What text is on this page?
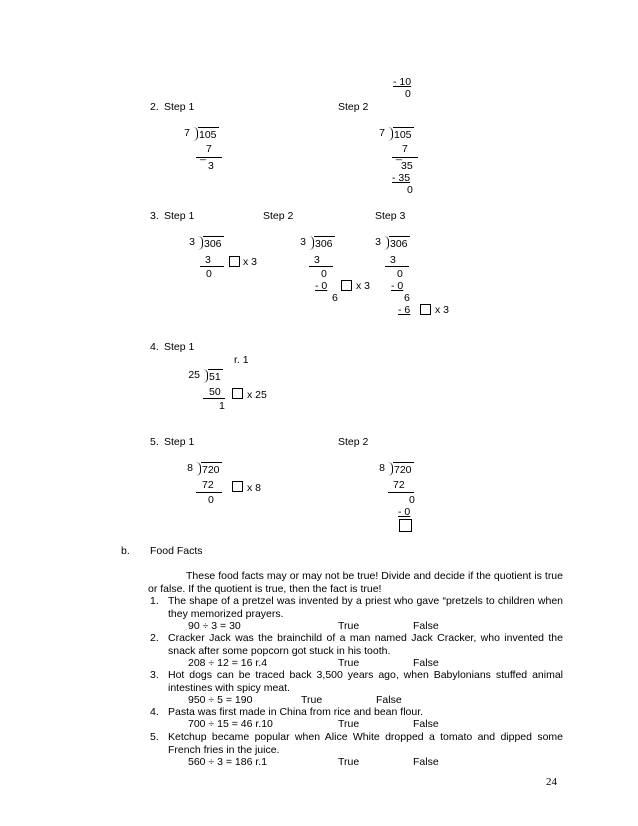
- 10
0
2. Step 1	Step 2
7 105
7
_
3
7 105
7
_
35
- 35
0
3. Step 1	Step 2	Step 3
3 306
3
0
x 3
3 306
3
0
- 0	x 3
6
3 306
3
0
- 0
6
- 6 x 3
4. Step 1
r. 1
25 51
50
1
x 25
5. Step 1	Step 2
8 720
72
0
x 8
8 720
72
0
- 0
b. Food Facts
These food facts may or may not be true! Divide and decide if the quotient is true or false. If the quotient is true, then the fact is true!
1. The shape of a pretzel was invented by a priest who gave “pretzels to children when they memorized prayers.
90 ÷ 3 = 30	True	False
2. Cracker Jack was the brainchild of a man named Jack Cracker, who invented the snack after some popcorn got stuck in his tooth.
208 ÷ 12 = 16 r.4	True	False
3. Hot dogs can be traced back 3,500 years ago, when Babylonians stuffed animal intestines with spicy meat.
950 ÷ 5 = 190	True	False
4. Pasta was first made in China from rice and bean flour.
700 ÷ 15 = 46 r.10	True	False
5. Ketchup became popular when Alice White dropped a tomato and dipped some French fries in the juice.
560 ÷ 3 = 186 r.1	True	False
24
